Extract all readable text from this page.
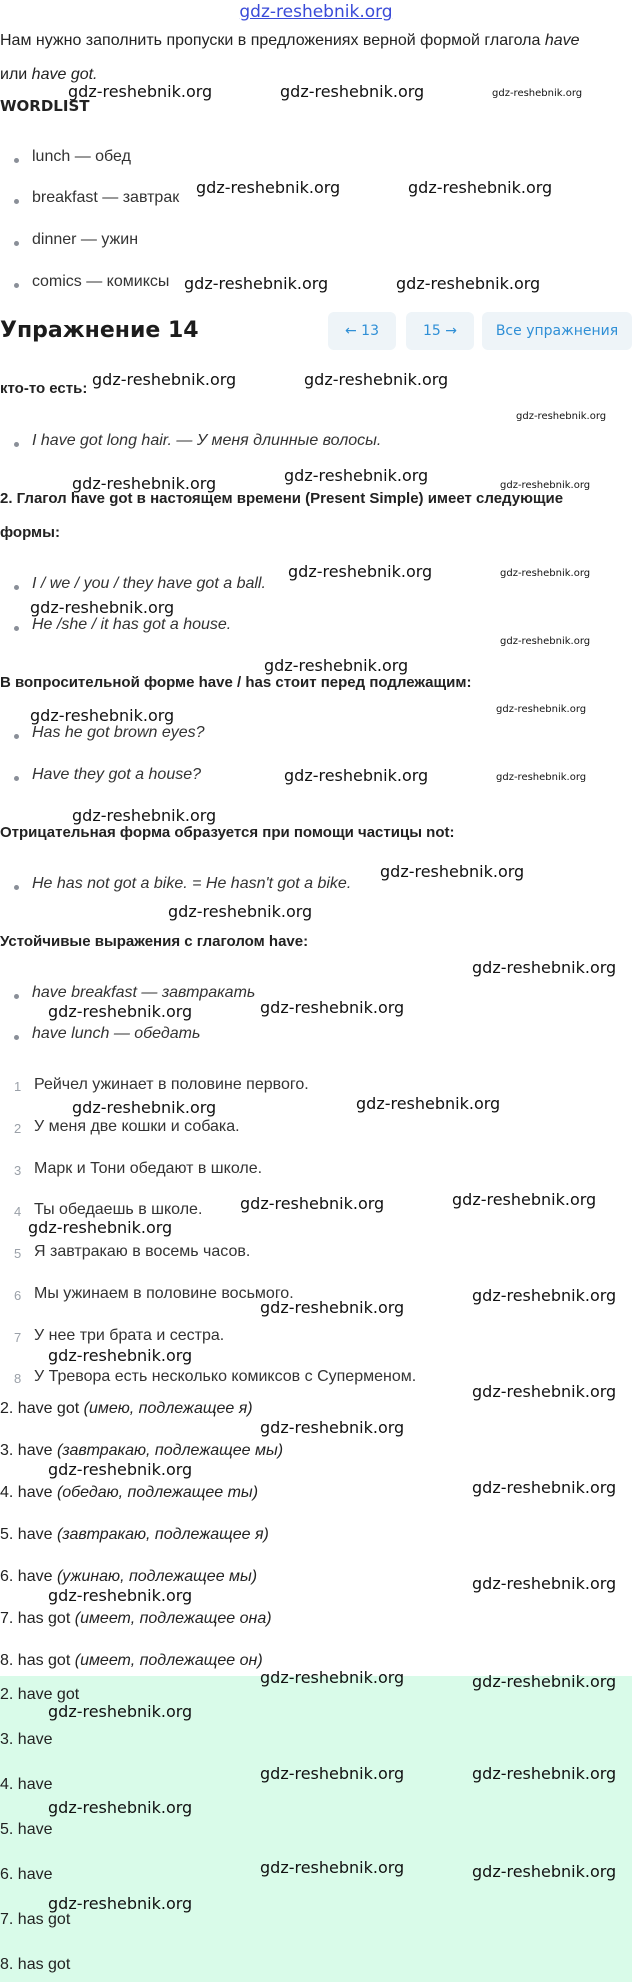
gdz-reshebnik.org
Нам нужно заполнить пропуски в предложениях верной формой глагола have
или have got.
WORDLIST
lunch — обед
breakfast — завтрак
dinner — ужин
comics — комиксы
Упражнение 14	← 13	15 →	Все упражнения
кто-то есть:
I have got long hair. — У меня длинные волосы.
2. Глагол have got в настоящем времени (Present Simple) имеет следующие
формы:
I / we / you / they have got a ball.
He /she / it has got a house.
В вопросительной форме have / has стоит перед подлежащим:
Has he got brown eyes?
Have they got a house?
Отрицательная форма образуется при помощи частицы not:
He has not got a bike. = He hasn't got a bike.
Устойчивые выражения с глаголом have:
have breakfast — завтракать
have lunch — обедать
1 Рейчел ужинает в половине первого.
2 У меня две кошки и собака.
3 Марк и Тони обедают в школе.
4 Ты обедаешь в школе.
5 Я завтракаю в восемь часов.
6 Мы ужинаем в половине восьмого.
7 У нее три брата и сестра.
8 У Тревора есть несколько комиксов с Суперменом.
2. have got (имею, подлежащее я)
3. have (завтракаю, подлежащее мы)
4. have (обедаю, подлежащее ты)
5. have (завтракаю, подлежащее я)
6. have (ужинаю, подлежащее мы)
7. has got (имеет, подлежащее она)
8. has got (имеет, подлежащее он)
2. have got
3. have
4. have
5. have
6. have
7. has got
8. has got
gdz-reshebnik.org	gdz-reshebnik.org	gdz-reshebnik.org
gdz-reshebnik.org	gdz-reshebnik.org
gdz-reshebnik.org	gdz-reshebnik.org
gdz-reshebnik.org	gdz-reshebnik.org
gdz-reshebnik.org
gdz-reshebnik.org	gdz-reshebnik.org
gdz-reshebnik.org
gdz-reshebnik.org	gdz-reshebnik.org
gdz-reshebnik.org
gdz-reshebnik.org
gdz-reshebnik.org
gdz-reshebnik.org	gdz-reshebnik.org
gdz-reshebnik.org	gdz-reshebnik.org
gdz-reshebnik.org
gdz-reshebnik.org
gdz-reshebnik.org
gdz-reshebnik.org
gdz-reshebnik.org	gdz-reshebnik.org
gdz-reshebnik.org	gdz-reshebnik.org
gdz-reshebnik.org	gdz-reshebnik.org
gdz-reshebnik.org
gdz-reshebnik.org
gdz-reshebnik.org
gdz-reshebnik.org
gdz-reshebnik.org
gdz-reshebnik.org
gdz-reshebnik.org
gdz-reshebnik.org
gdz-reshebnik.org
gdz-reshebnik.org
gdz-reshebnik.org	gdz-reshebnik.org
gdz-reshebnik.org
gdz-reshebnik.org	gdz-reshebnik.org
gdz-reshebnik.org
gdz-reshebnik.org	gdz-reshebnik.org
gdz-reshebnik.org
